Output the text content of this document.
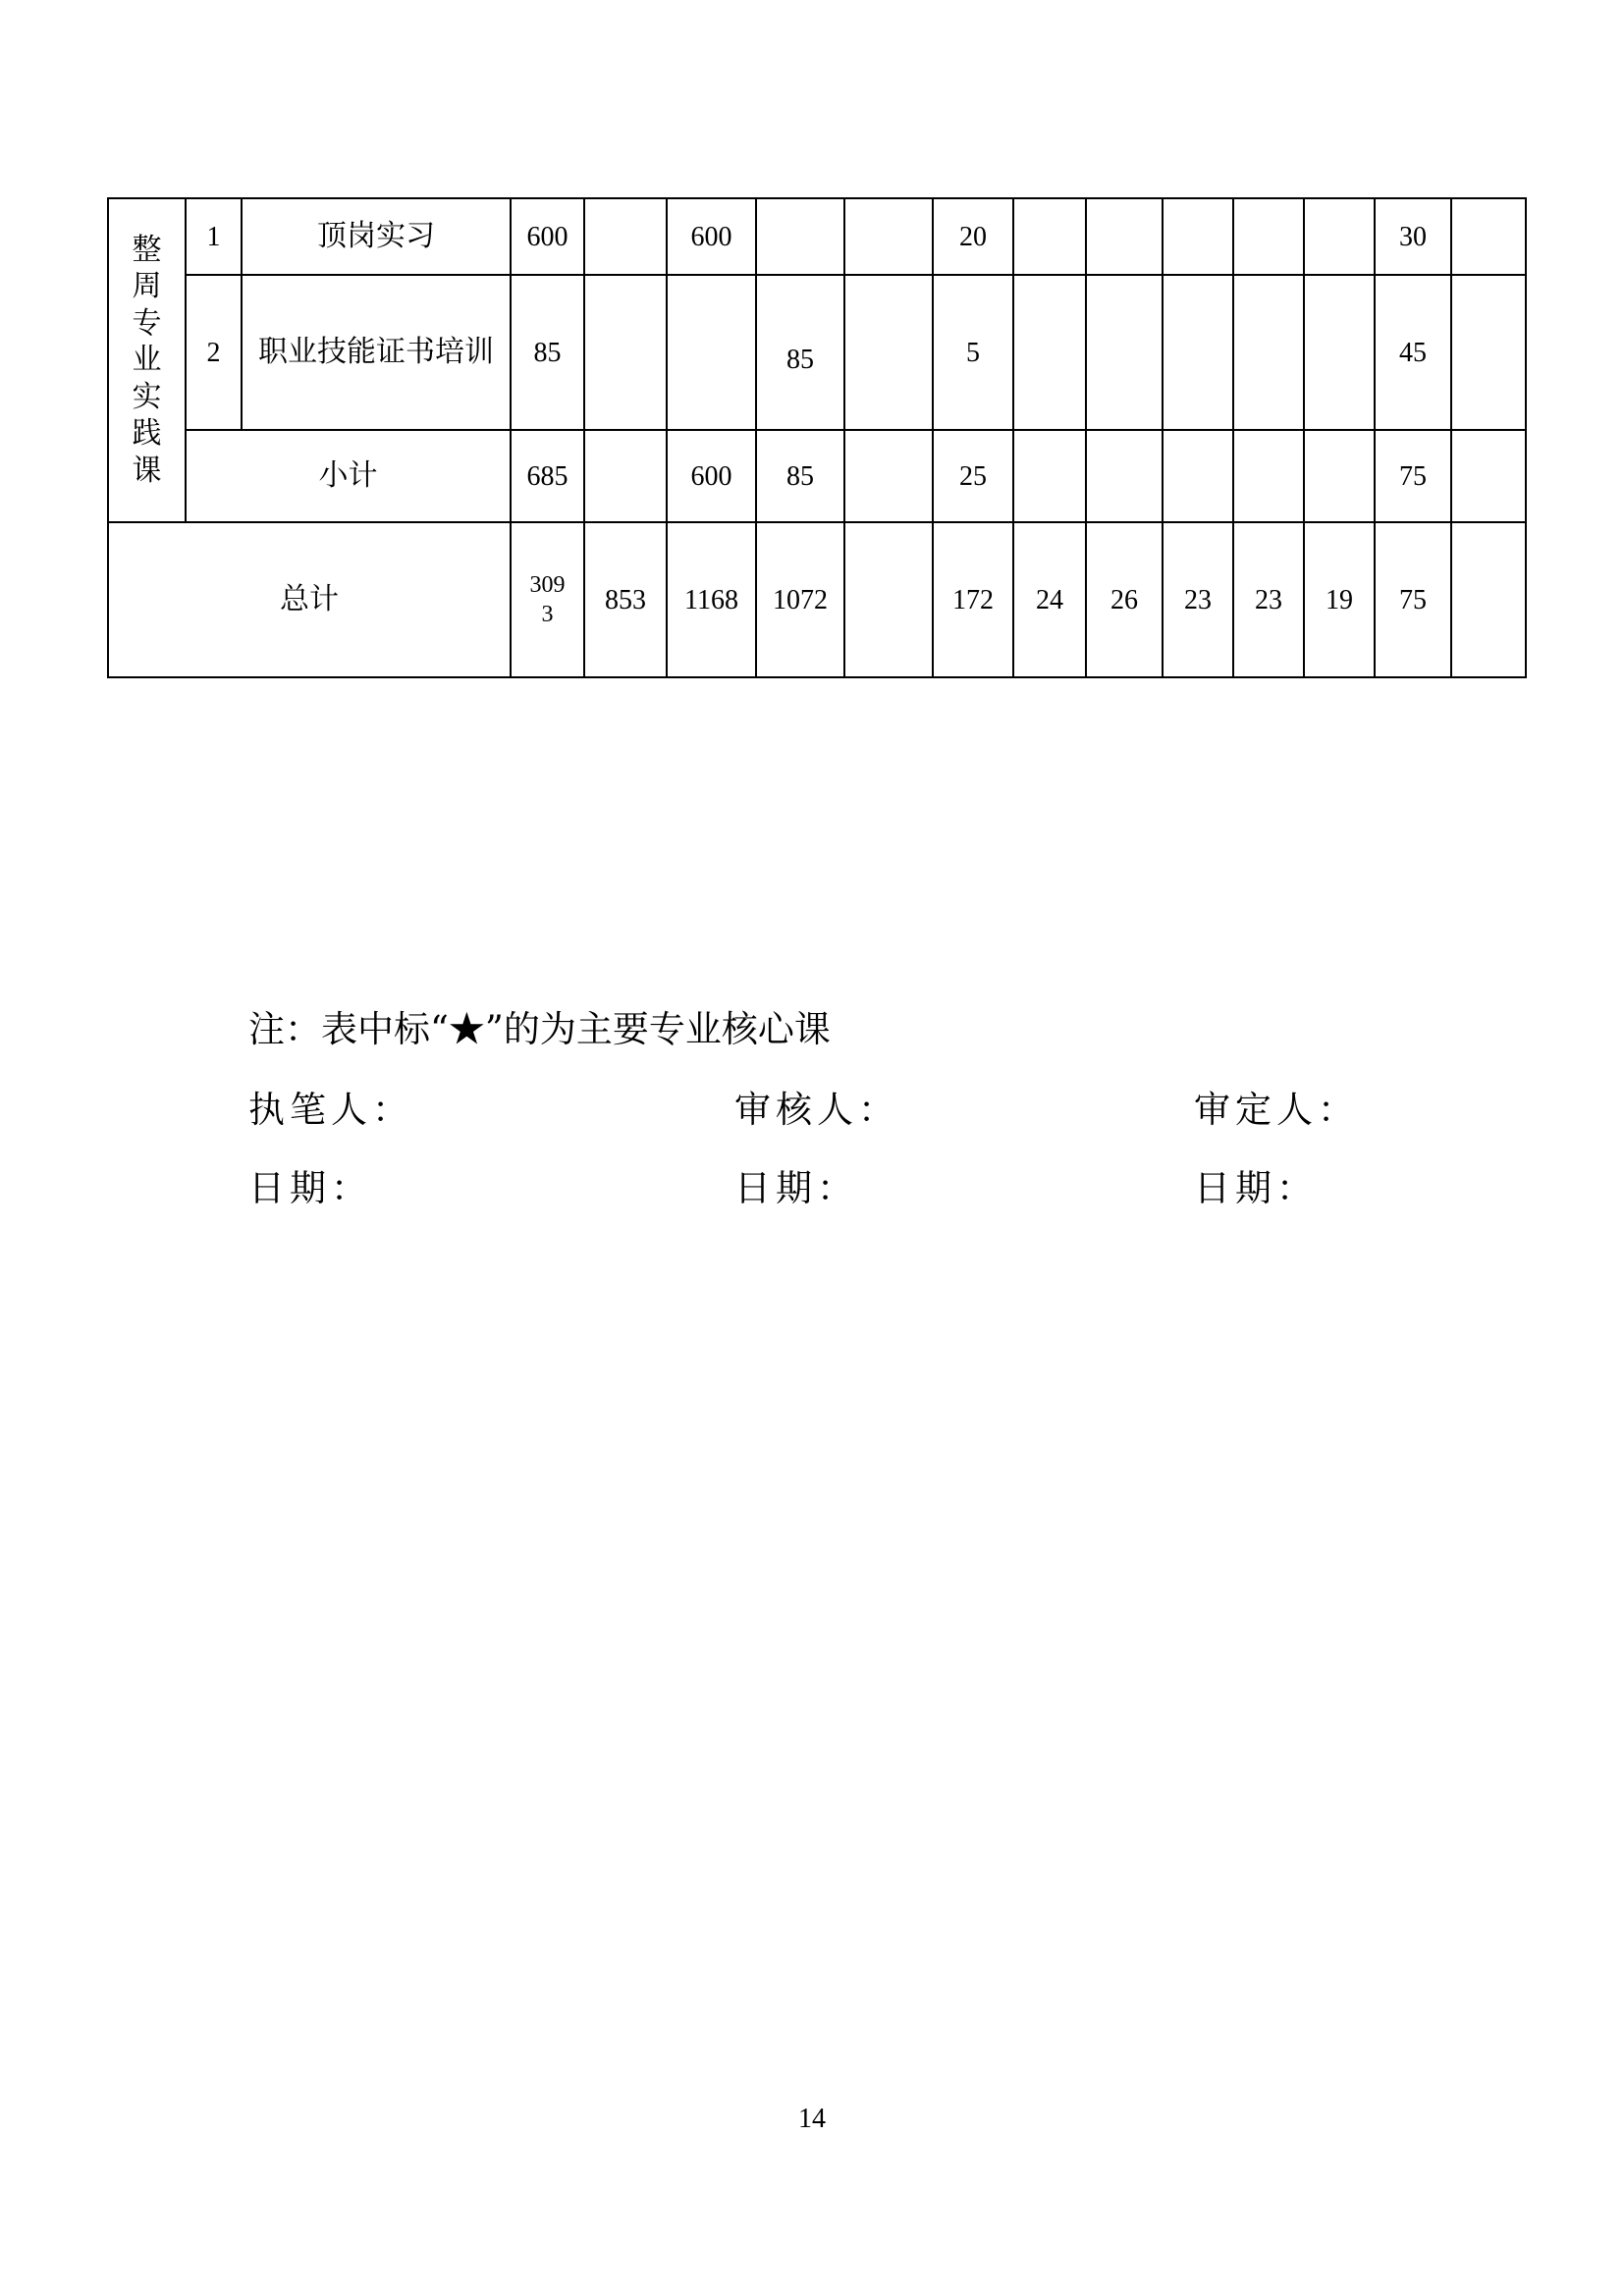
整周专业实践课	1	顶岗实习	600		600			20						30	
	2	职业技能证书培训	85			85		5						45	
	小计		685		600	85		25						75	
总计			3093	853	1168	1072		172	24	26	23	23	19	75	
注：表中标“★”的为主要专业核心课
执笔人：	审核人：	审定人：
日期：	日期：	日期：
14
